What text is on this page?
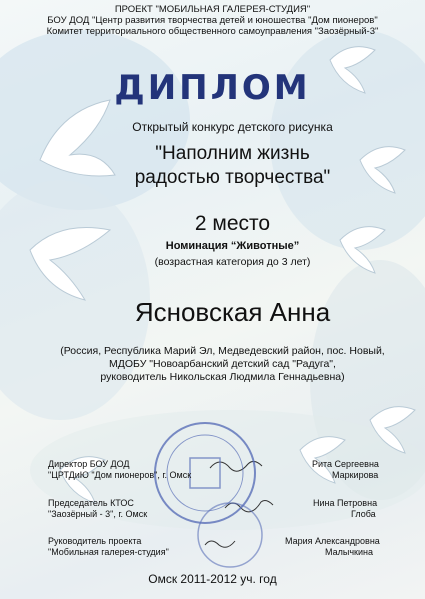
ПРОЕКТ "МОБИЛЬНАЯ ГАЛЕРЕЯ-СТУДИЯ"
БОУ ДОД "Центр развития творчества детей и юношества "Дом пионеров"
Комитет территориального общественного самоуправления "Заозёрный-3"
ДИПЛОМ
Открытый конкурс детского рисунка
"Наполним жизнь
радостью творчества"
2 место
Номинация “Животные”
(возрастная категория до 3 лет)
Ясновская Анна
(Россия, Республика Марий Эл, Медведевский район, пос. Новый,
МДОБУ "Новоарбанский детский сад "Радуга",
руководитель Никольская Людмила Геннадьевна)
Директор БОУ ДОД
"ЦРТДиЮ "Дом пионеров", г. Омск
Рита Сергеевна
Маркирова
Председатель КТОС
"Заозёрный - 3", г. Омск
Нина Петровна
Глоба
Руководитель проекта
"Мобильная галерея-студия"
Мария Александровна
Малычкина
Омск 2011-2012 уч. год
